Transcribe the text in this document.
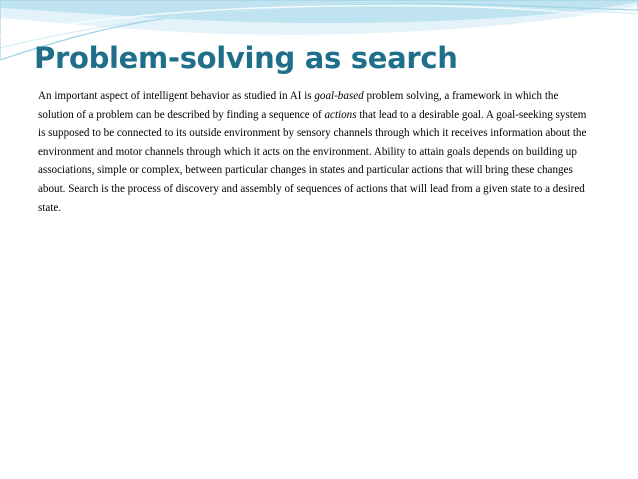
Problem-solving as search

An important aspect of intelligent behavior as studied in AI is goal-based problem solving, a framework in which the solution of a problem can be described by finding a sequence of actions that lead to a desirable goal. A goal-seeking system is supposed to be connected to its outside environment by sensory channels through which it receives information about the environment and motor channels through which it acts on the environment. Ability to attain goals depends on building up associations, simple or complex, between particular changes in states and particular actions that will bring these changes about. Search is the process of discovery and assembly of sequences of actions that will lead from a given state to a desired state.
